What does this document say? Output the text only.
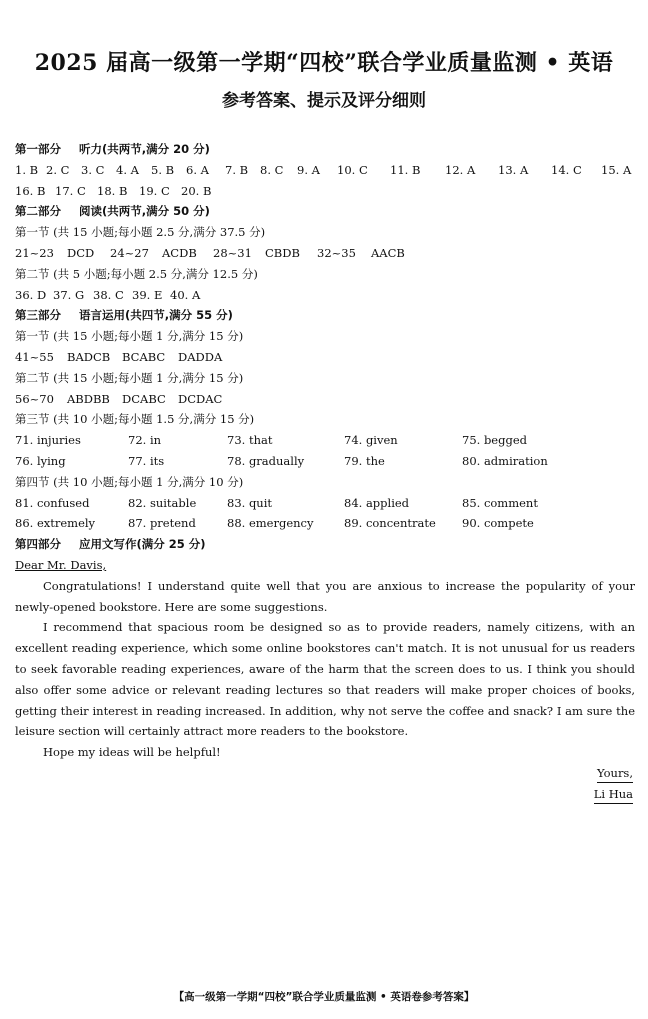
2025 届高一级第一学期“四校”联合学业质量监测 • 英语
参考答案、提示及评分细则
第一部分 听力(共两节,满分 20 分)
1. B 2. C 3. C 4. A 5. B 6. A 7. B 8. C 9. A 10. C 11. B 12. A 13. A 14. C 15. A
16. B 17. C 18. B 19. C 20. B
第二部分 阅读(共两节,满分 50 分)
第一节 (共 15 小题;每小题 2.5 分,满分 37.5 分)
21~23 DCD 24~27 ACDB 28~31 CBDB 32~35 AACB
第二节 (共 5 小题;每小题 2.5 分,满分 12.5 分)
36. D 37. G 38. C 39. E 40. A
第三部分 语言运用(共四节,满分 55 分)
第一节 (共 15 小题;每小题 1 分,满分 15 分)
41~55 BADCB BCABC DADDA
第二节 (共 15 小题;每小题 1 分,满分 15 分)
56~70 ABDBB DCABC DCDAC
第三节 (共 10 小题;每小题 1.5 分,满分 15 分)
71. injuries	72. in	73. that	74. given	75. begged
76. lying	77. its	78. gradually	79. the	80. admiration
第四节 (共 10 小题;每小题 1 分,满分 10 分)
81. confused	82. suitable	83. quit	84. applied	85. comment
86. extremely	87. pretend	88. emergency	89. concentrate 90. compete
第四部分 应用文写作(满分 25 分)

Dear Mr. Davis,

Congratulations! I understand quite well that you are anxious to increase the popularity of your newly-opened bookstore. Here are some suggestions.

I recommend that spacious room be designed so as to provide readers, namely citizens, with an excellent reading experience, which some online bookstores can't match. It is not unusual for us readers to seek favorable reading experiences, aware of the harm that the screen does to us. I think you should also offer some advice or relevant reading lectures so that readers will make proper choices of books, getting their interest in reading increased. In addition, why not serve the coffee and snack? I am sure the leisure section will certainly attract more readers to the bookstore.

Hope my ideas will be helpful!

Yours,
Li Hua
【高一级第一学期“四校”联合学业质量监测 • 英语卷参考答案】
